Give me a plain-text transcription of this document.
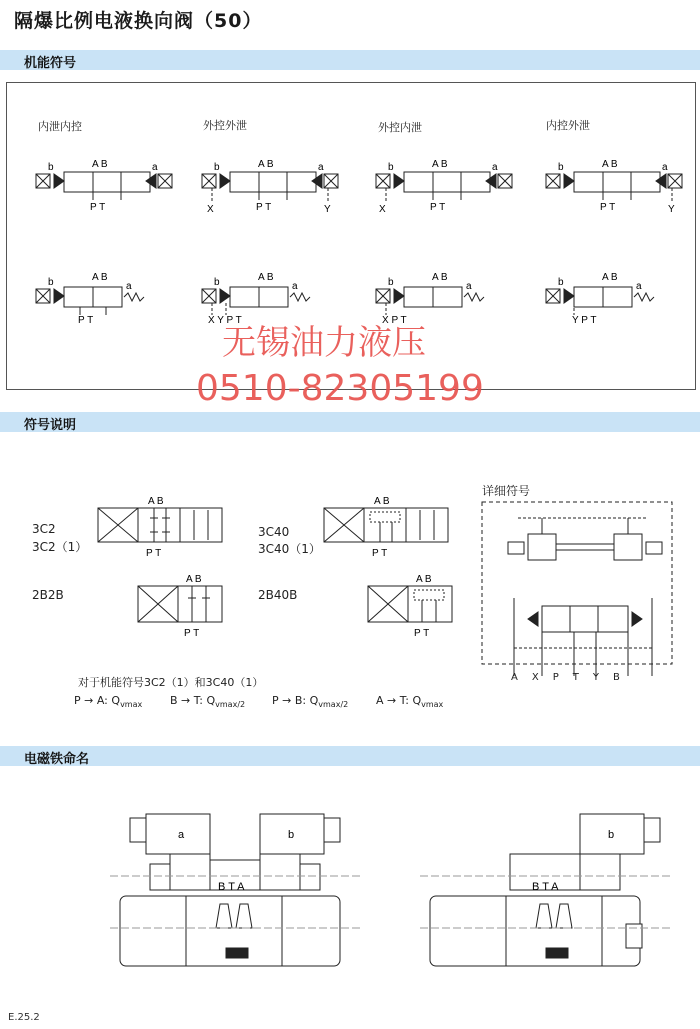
隔爆比例电液换向阀（50）
机能符号
内泄内控	外控外泄	外控内泄	内控外泄
b	a
A B
P T
b	a
A B
P T
X	Y
b	a
A B
P T
X
b	a
A B
P T	Y
b	a
A B
P T
b	a
A B
X Y P T
b	a
A B
X P T
b	a
A B
Y P T
无锡油力液压
0510-82305199
符号说明
3C2
3C2（1）
3C40
3C40（1）
2B2B	2B40B
A B
P T
A B
P T
A B
P T
A B
P T
详细符号
AXPTYB
对于机能符号3C2（1）和3C40（1）
P → A: $Q_{vmax}$	B → T: $Q_{vmax/2}$ P → B: $Q_{vmax/2}$	A → T: $Q_{vmax}$
电磁铁命名
a	b
B T A
b
B T A
E.25.2
